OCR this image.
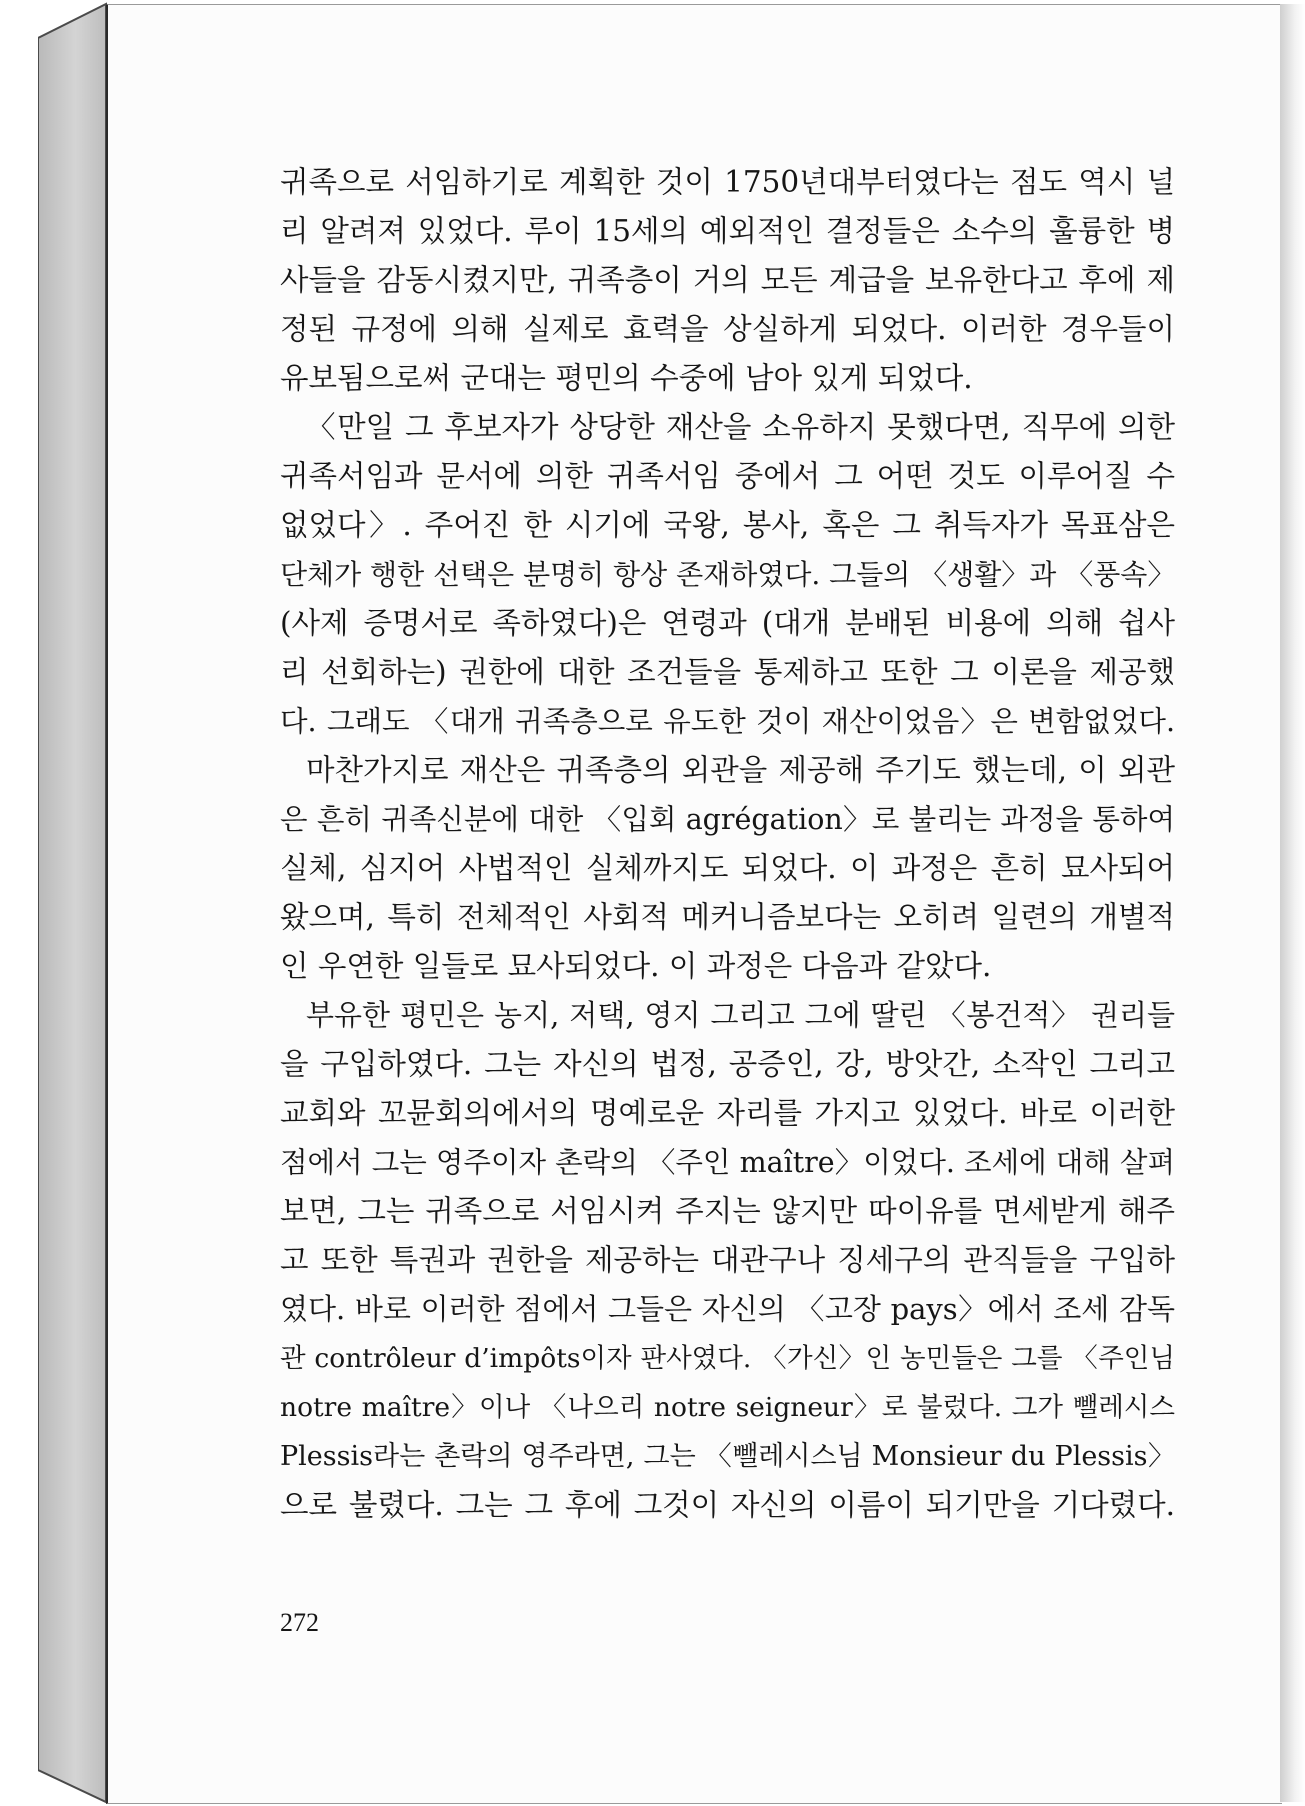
귀족으로 서임하기로 계획한 것이 1750년대부터였다는 점도 역시 널
리 알려져 있었다. 루이 15세의 예외적인 결정들은 소수의 훌륭한 병
사들을 감동시켰지만, 귀족층이 거의 모든 계급을 보유한다고 후에 제
정된 규정에 의해 실제로 효력을 상실하게 되었다. 이러한 경우들이
유보됨으로써 군대는 평민의 수중에 남아 있게 되었다.
〈만일 그 후보자가 상당한 재산을 소유하지 못했다면, 직무에 의한
귀족서임과 문서에 의한 귀족서임 중에서 그 어떤 것도 이루어질 수
없었다〉. 주어진 한 시기에 국왕, 봉사, 혹은 그 취득자가 목표삼은
단체가 행한 선택은 분명히 항상 존재하였다. 그들의 〈생활〉과 〈풍속〉
(사제 증명서로 족하였다)은 연령과 (대개 분배된 비용에 의해 쉽사
리 선회하는) 권한에 대한 조건들을 통제하고 또한 그 이론을 제공했
다. 그래도 〈대개 귀족층으로 유도한 것이 재산이었음〉은 변함없었다.
마찬가지로 재산은 귀족층의 외관을 제공해 주기도 했는데, 이 외관
은 흔히 귀족신분에 대한 〈입회 agrégation〉로 불리는 과정을 통하여
실체, 심지어 사법적인 실체까지도 되었다. 이 과정은 흔히 묘사되어
왔으며, 특히 전체적인 사회적 메커니즘보다는 오히려 일련의 개별적
인 우연한 일들로 묘사되었다. 이 과정은 다음과 같았다.
부유한 평민은 농지, 저택, 영지 그리고 그에 딸린 〈봉건적〉 권리들
을 구입하였다. 그는 자신의 법정, 공증인, 강, 방앗간, 소작인 그리고
교회와 꼬뮨회의에서의 명예로운 자리를 가지고 있었다. 바로 이러한
점에서 그는 영주이자 촌락의 〈주인 maître〉이었다. 조세에 대해 살펴
보면, 그는 귀족으로 서임시켜 주지는 않지만 따이유를 면세받게 해주
고 또한 특권과 권한을 제공하는 대관구나 징세구의 관직들을 구입하
였다. 바로 이러한 점에서 그들은 자신의 〈고장 pays〉에서 조세 감독
관 contrôleur d’impôts이자 판사였다. 〈가신〉인 농민들은 그를 〈주인님
notre maître〉이나 〈나으리 notre seigneur〉로 불렀다. 그가 뺄레시스
Plessis라는 촌락의 영주라면, 그는 〈뺄레시스님 Monsieur du Plessis〉
으로 불렸다. 그는 그 후에 그것이 자신의 이름이 되기만을 기다렸다.
272
